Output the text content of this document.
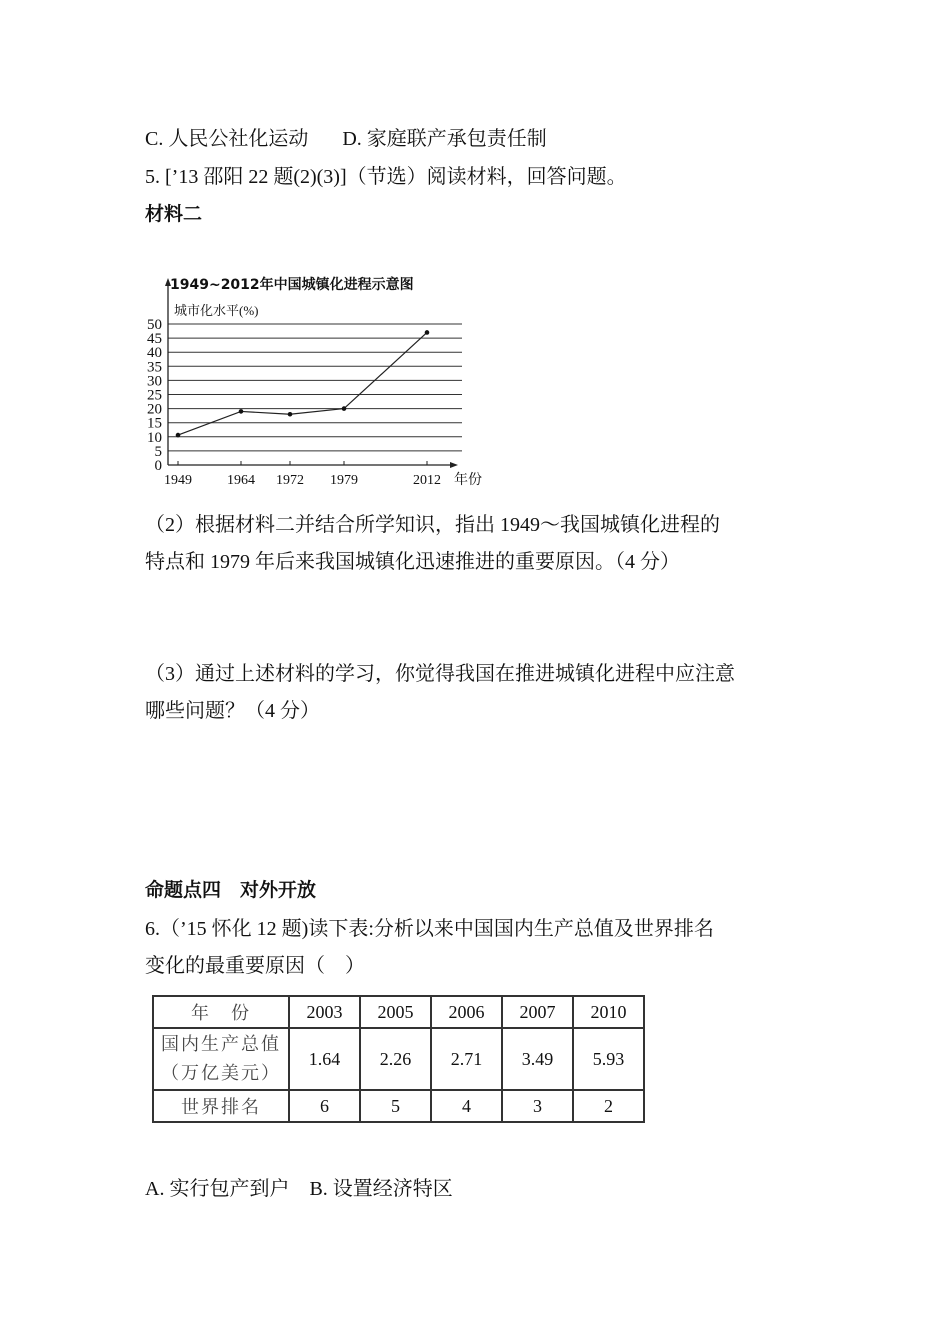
C. 人民公社化运动 D. 家庭联产承包责任制
5. [’13 邵阳 22 题(2)(3)]（节选）阅读材料，回答问题。
材料二
1949~2012年中国城镇化进程示意图
城市化水平(%)
年份
0
5
10
15
20
25
30
35
40
45
50
1949	1964 1972 1979	2012
（2）根据材料二并结合所学知识，指出 1949～我国城镇化进程的
特点和 1979 年后来我国城镇化迅速推进的重要原因。（4 分）
（3）通过上述材料的学习，你觉得我国在推进城镇化进程中应注意
哪些问题？（4 分）
命题点四　对外开放
6.（’15 怀化 12 题)读下表:分析以来中国国内生产总值及世界排名
变化的最重要原因（　）
年　份	2003	2005	2006	2007	2010
国内生产总值
（万亿美元）	1.64	2.26	2.71	3.49	5.93
世界排名	6	5	4	3	2
A. 实行包产到户 B. 设置经济特区
